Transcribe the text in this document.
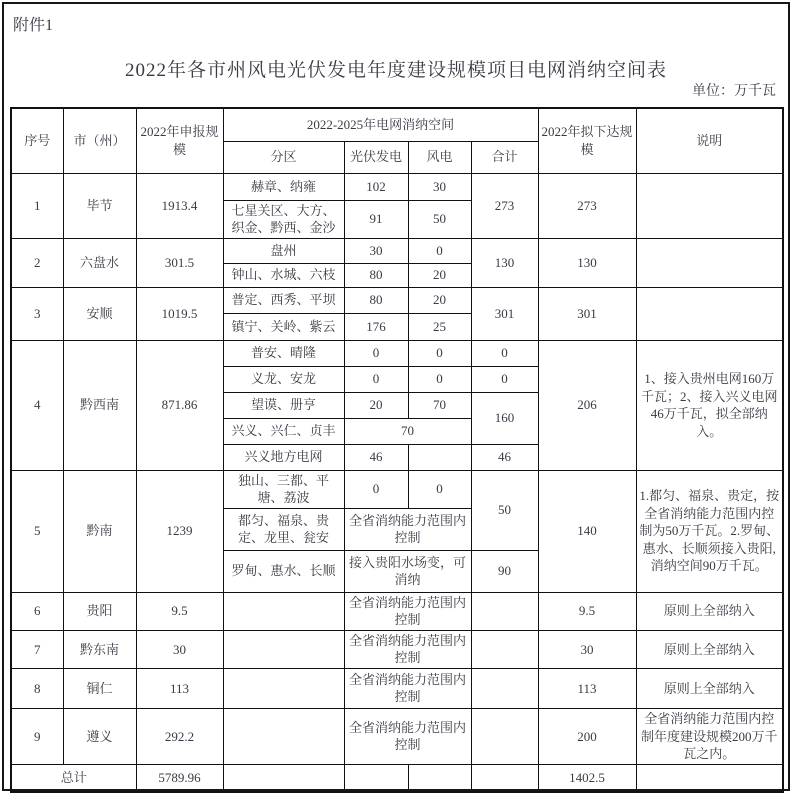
附件1
2022年各市州风电光伏发电年度建设规模项目电网消纳空间表
单位：万千瓦
序号	市（州）	2022年申报规模	2022-2025年电网消纳空间				2022年拟下达规模	说明
			分区	光伏发电	风电	合计		
1	毕节	1913.4	赫章、纳雍	102	30	273	273	
			七星关区、大方、织金、黔西、金沙	91	50			
2	六盘水	301.5	盘州	30	0	130	130	
			钟山、水城、六枝	80	20			
3	安顺	1019.5	普定、西秀、平坝	80	20	301	301	
			镇宁、关岭、紫云	176	25			
4	黔西南	871.86	普安、晴隆	0	0	0	206	1、接入贵州电网160万千瓦；2、接入兴义电网46万千瓦，拟全部纳入。
			义龙、安龙	0	0	0		
			望谟、册亨	20	70	160		
			兴义、兴仁、贞丰	70				
			兴义地方电网	46		46		
5	黔南	1239	独山、三都、平塘、荔波	0	0	50	140	1.都匀、福泉、贵定，按全省消纳能力范围内控制为50万千瓦。2.罗甸、惠水、长顺须接入贵阳,消纳空间90万千瓦。
			都匀、福泉、贵定、龙里、瓮安	全省消纳能力范围内控制				
			罗甸、惠水、长顺	接入贵阳水场变，可消纳		90		
6	贵阳	9.5		全省消纳能力范围内控制			9.5	原则上全部纳入
7	黔东南	30		全省消纳能力范围内控制			30	原则上全部纳入
8	铜仁	113		全省消纳能力范围内控制			113	原则上全部纳入
9	遵义	292.2		全省消纳能力范围内控制			200	全省消纳能力范围内控制年度建设规模200万千瓦之内。
总计		5789.96					1402.5	
